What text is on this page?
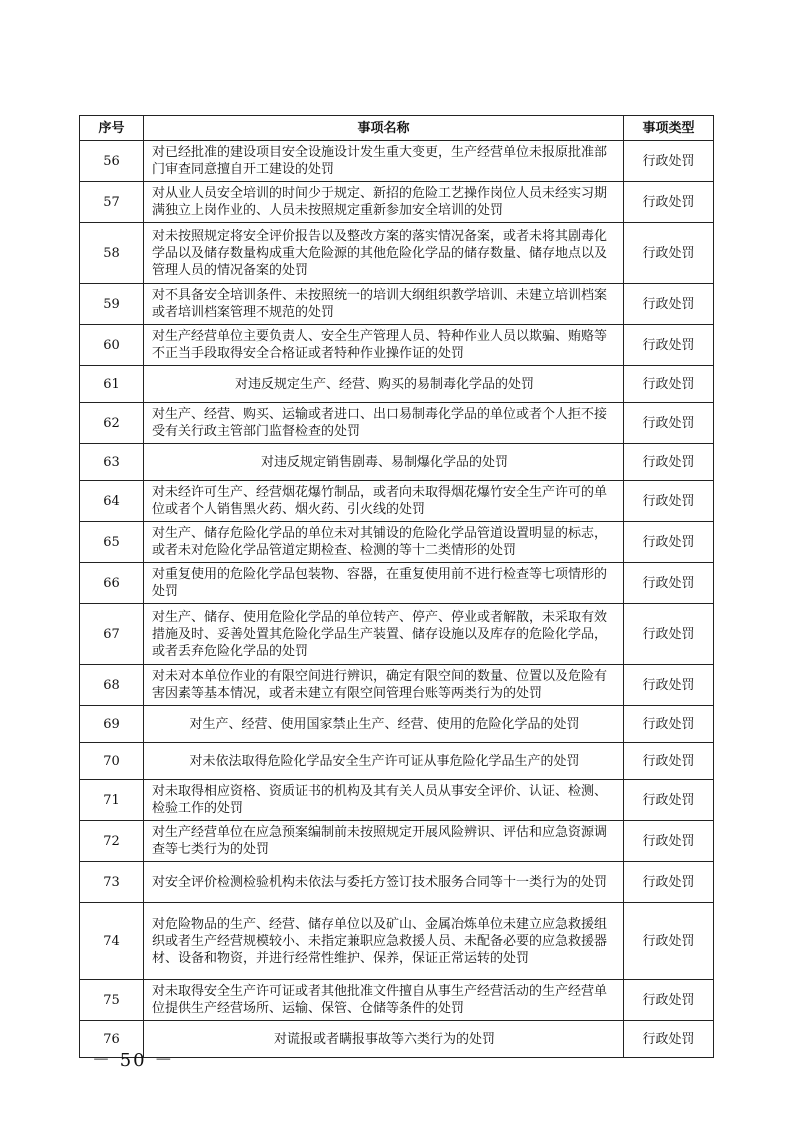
序号	事项名称	事项类型
56	对已经批准的建设项目安全设施设计发生重大变更，生产经营单位未报原批准部门审查同意擅自开工建设的处罚	行政处罚
57	对从业人员安全培训的时间少于规定、新招的危险工艺操作岗位人员未经实习期满独立上岗作业的、人员未按照规定重新参加安全培训的处罚	行政处罚
58	对未按照规定将安全评价报告以及整改方案的落实情况备案，或者未将其剧毒化学品以及储存数量构成重大危险源的其他危险化学品的储存数量、储存地点以及管理人员的情况备案的处罚	行政处罚
59	对不具备安全培训条件、未按照统一的培训大纲组织教学培训、未建立培训档案或者培训档案管理不规范的处罚	行政处罚
60	对生产经营单位主要负责人、安全生产管理人员、特种作业人员以欺骗、贿赂等不正当手段取得安全合格证或者特种作业操作证的处罚	行政处罚
61	对违反规定生产、经营、购买的易制毒化学品的处罚	行政处罚
62	对生产、经营、购买、运输或者进口、出口易制毒化学品的单位或者个人拒不接受有关行政主管部门监督检查的处罚	行政处罚
63	对违反规定销售剧毒、易制爆化学品的处罚	行政处罚
64	对未经许可生产、经营烟花爆竹制品，或者向未取得烟花爆竹安全生产许可的单位或者个人销售黑火药、烟火药、引火线的处罚	行政处罚
65	对生产、储存危险化学品的单位未对其铺设的危险化学品管道设置明显的标志，或者未对危险化学品管道定期检查、检测的等十二类情形的处罚	行政处罚
66	对重复使用的危险化学品包装物、容器，在重复使用前不进行检查等七项情形的处罚	行政处罚
67	对生产、储存、使用危险化学品的单位转产、停产、停业或者解散，未采取有效措施及时、妥善处置其危险化学品生产装置、储存设施以及库存的危险化学品，或者丢弃危险化学品的处罚	行政处罚
68	对未对本单位作业的有限空间进行辨识，确定有限空间的数量、位置以及危险有害因素等基本情况，或者未建立有限空间管理台账等两类行为的处罚	行政处罚
69	对生产、经营、使用国家禁止生产、经营、使用的危险化学品的处罚	行政处罚
70	对未依法取得危险化学品安全生产许可证从事危险化学品生产的处罚	行政处罚
71	对未取得相应资格、资质证书的机构及其有关人员从事安全评价、认证、检测、检验工作的处罚	行政处罚
72	对生产经营单位在应急预案编制前未按照规定开展风险辨识、评估和应急资源调查等七类行为的处罚	行政处罚
73	对安全评价检测检验机构未依法与委托方签订技术服务合同等十一类行为的处罚	行政处罚
74	对危险物品的生产、经营、储存单位以及矿山、金属冶炼单位未建立应急救援组织或者生产经营规模较小、未指定兼职应急救援人员、未配备必要的应急救援器材、设备和物资，并进行经常性维护、保养，保证正常运转的处罚	行政处罚
75	对未取得安全生产许可证或者其他批准文件擅自从事生产经营活动的生产经营单位提供生产经营场所、运输、保管、仓储等条件的处罚	行政处罚
76	对谎报或者瞒报事故等六类行为的处罚	行政处罚
－ 50 －
